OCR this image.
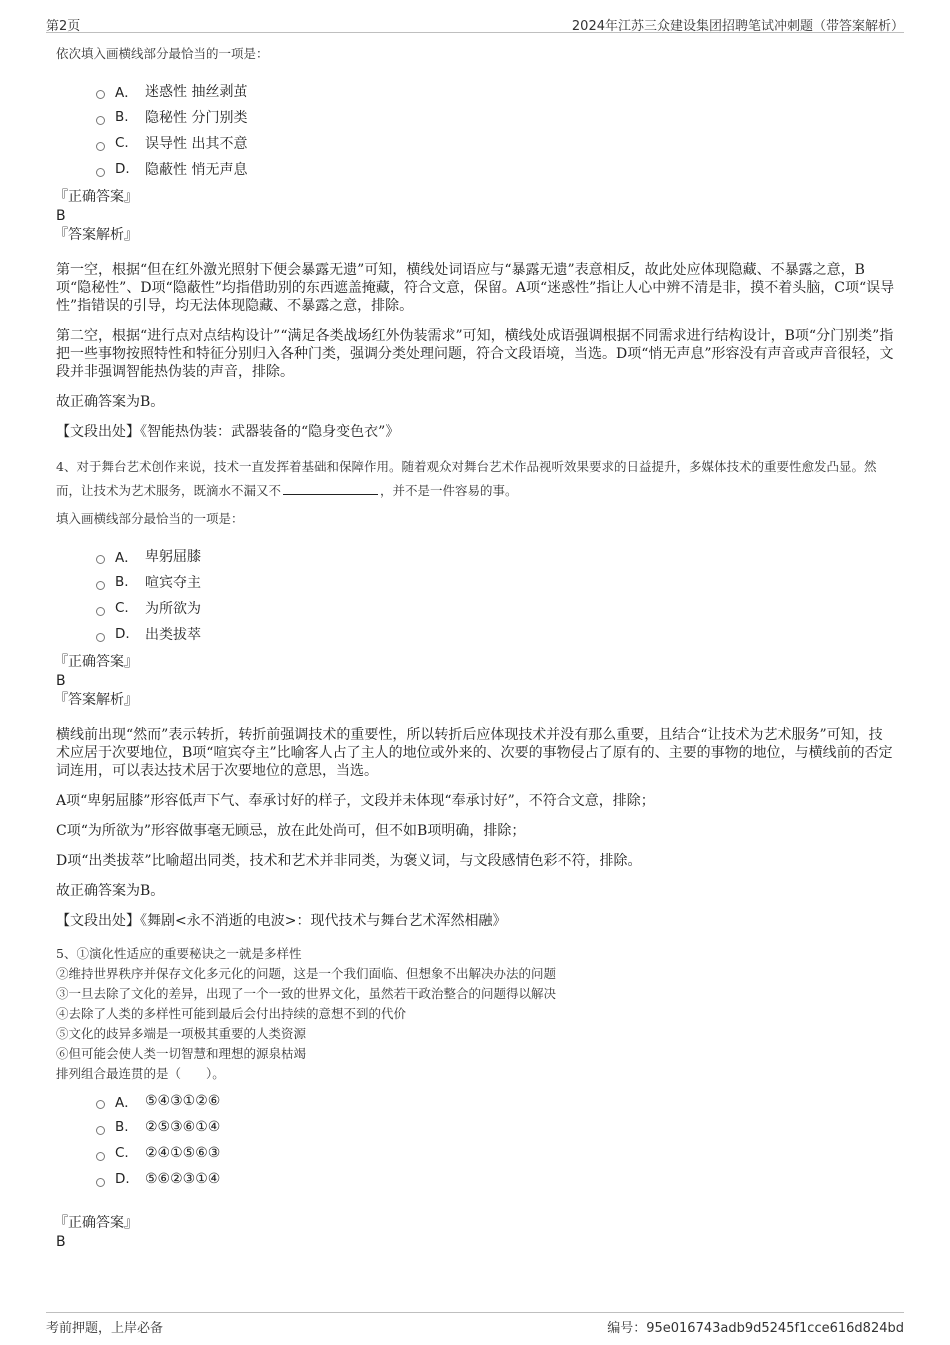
第2页	2024年江苏三众建设集团招聘笔试冲刺题（带答案解析）

依次填入画横线部分最恰当的一项是：

A． 迷惑性 抽丝剥茧
B.	隐秘性 分门别类
C.	误导性 出其不意
D.	隐蔽性 悄无声息

『正确答案』

B

『答案解析』

第一空，根据“但在红外激光照射下便会暴露无遗”可知，横线处词语应与“暴露无遗”表意相反，故此处应体现隐藏、不暴露之意，B项“隐秘性”、D项“隐蔽性”均指借助别的东西遮盖掩藏，符合文意，保留。A项“迷惑性”指让人心中辨不清是非，摸不着头脑，C项“误导性”指错误的引导，均无法体现隐藏、不暴露之意，排除。

第二空，根据“进行点对点结构设计”“满足各类战场红外伪装需求”可知，横线处成语强调根据不同需求进行结构设计，B项“分门别类”指把一些事物按照特性和特征分别归入各种门类，强调分类处理问题，符合文段语境，当选。D项“悄无声息”形容没有声音或声音很轻，文段并非强调智能热伪装的声音，排除。

故正确答案为B。

【文段出处】《智能热伪装：武器装备的“隐身变色衣”》

4、对于舞台艺术创作来说，技术一直发挥着基础和保障作用。随着观众对舞台艺术作品视听效果要求的日益提升，多媒体技术的重要性愈发凸显。然而，让技术为艺术服务，既滴水不漏又不	，并不是一件容易的事。

填入画横线部分最恰当的一项是：

A． 卑躬屈膝
B.	喧宾夺主
C.	为所欲为
D.	出类拔萃

『正确答案』

B

『答案解析』

横线前出现“然而”表示转折，转折前强调技术的重要性，所以转折后应体现技术并没有那么重要，且结合“让技术为艺术服务”可知，技术应居于次要地位，B项“喧宾夺主”比喻客人占了主人的地位或外来的、次要的事物侵占了原有的、主要的事物的地位，与横线前的否定词连用，可以表达技术居于次要地位的意思，当选。

A项“卑躬屈膝”形容低声下气、奉承讨好的样子，文段并未体现“奉承讨好”，不符合文意，排除；

C项“为所欲为”形容做事毫无顾忌，放在此处尚可，但不如B项明确，排除；

D项“出类拔萃”比喻超出同类，技术和艺术并非同类，为褒义词，与文段感情色彩不符，排除。

故正确答案为B。

【文段出处】《舞剧<永不消逝的电波>：现代技术与舞台艺术浑然相融》

5、①演化性适应的重要秘诀之一就是多样性

②维持世界秩序并保存文化多元化的问题，这是一个我们面临、但想象不出解决办法的问题

③一旦去除了文化的差异，出现了一个一致的世界文化，虽然若干政治整合的问题得以解决

④去除了人类的多样性可能到最后会付出持续的意想不到的代价

⑤文化的歧异多端是一项极其重要的人类资源

⑥但可能会使人类一切智慧和理想的源泉枯竭

排列组合最连贯的是（　　）。

A． ⑤④③①②⑥
B.	②⑤③⑥①④
C.	②④①⑤⑥③
D.	⑤⑥②③①④

『正确答案』

B

考前押题，上岸必备	编号：95e016743adb9d5245f1cce616d824bd
